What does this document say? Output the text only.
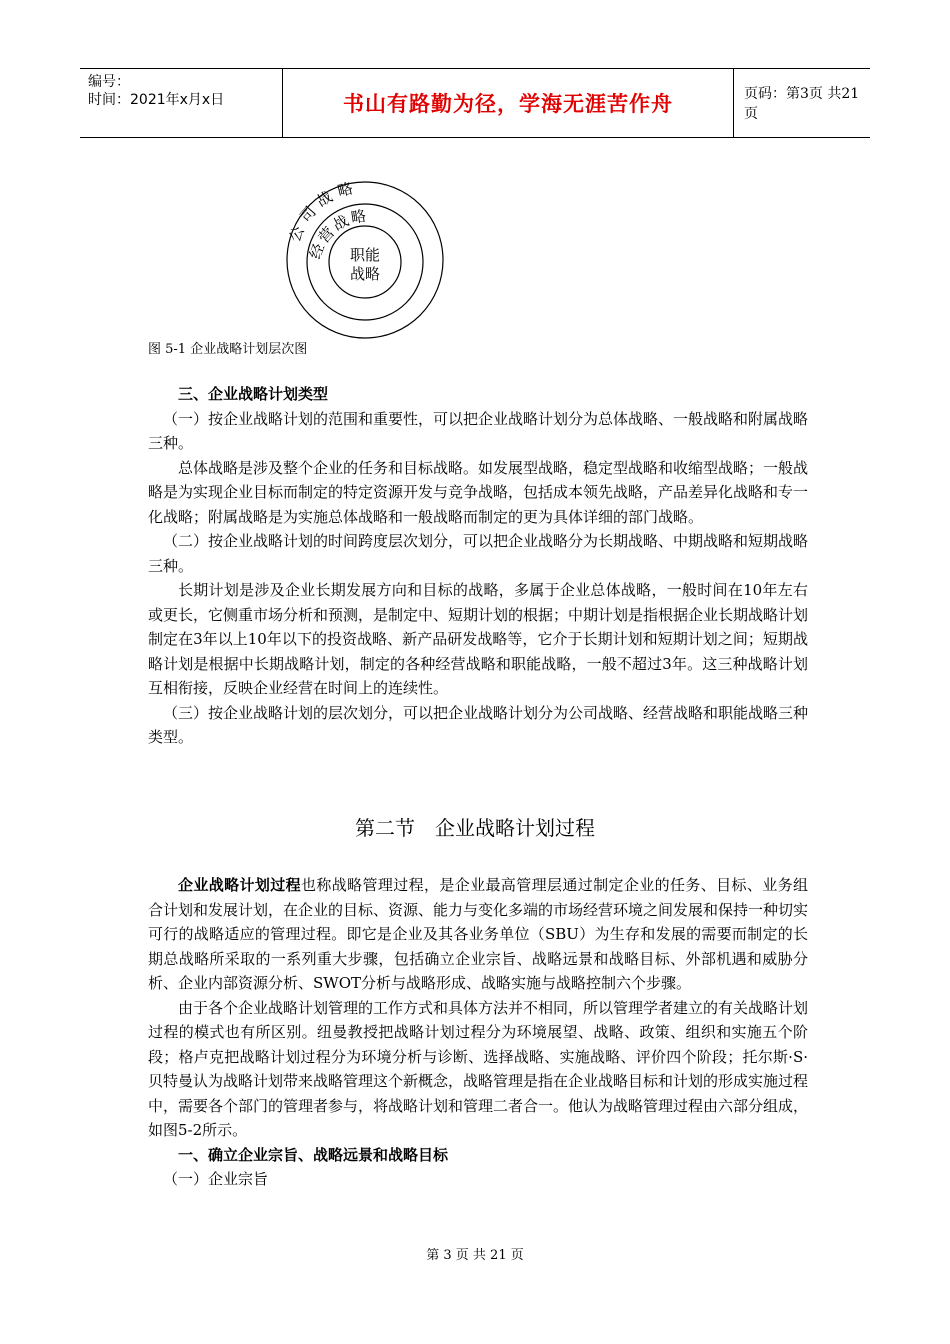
编号：
时间：2021年x月x日	书山有路勤为径，学海无涯苦作舟	页码：第3页 共21页
公司战略
经营战略
职能
战略
图 5-1 企业战略计划层次图

三、企业战略计划类型

（一）按企业战略计划的范围和重要性，可以把企业战略计划分为总体战略、一般战略和附属战略三种。

总体战略是涉及整个企业的任务和目标战略。如发展型战略，稳定型战略和收缩型战略；一般战略是为实现企业目标而制定的特定资源开发与竞争战略，包括成本领先战略，产品差异化战略和专一化战略；附属战略是为实施总体战略和一般战略而制定的更为具体详细的部门战略。

（二）按企业战略计划的时间跨度层次划分，可以把企业战略分为长期战略、中期战略和短期战略三种。

长期计划是涉及企业长期发展方向和目标的战略，多属于企业总体战略，一般时间在10年左右或更长，它侧重市场分析和预测，是制定中、短期计划的根据；中期计划是指根据企业长期战略计划制定在3年以上10年以下的投资战略、新产品研发战略等，它介于长期计划和短期计划之间；短期战略计划是根据中长期战略计划，制定的各种经营战略和职能战略，一般不超过3年。这三种战略计划互相衔接，反映企业经营在时间上的连续性。

（三）按企业战略计划的层次划分，可以把企业战略计划分为公司战略、经营战略和职能战略三种类型。

第二节　企业战略计划过程

企业战略计划过程也称战略管理过程，是企业最高管理层通过制定企业的任务、目标、业务组合计划和发展计划，在企业的目标、资源、能力与变化多端的市场经营环境之间发展和保持一种切实可行的战略适应的管理过程。即它是企业及其各业务单位（SBU）为生存和发展的需要而制定的长期总战略所采取的一系列重大步骤，包括确立企业宗旨、战略远景和战略目标、外部机遇和威胁分析、企业内部资源分析、SWOT分析与战略形成、战略实施与战略控制六个步骤。

由于各个企业战略计划管理的工作方式和具体方法并不相同，所以管理学者建立的有关战略计划过程的模式也有所区别。纽曼教授把战略计划过程分为环境展望、战略、政策、组织和实施五个阶段；格卢克把战略计划过程分为环境分析与诊断、选择战略、实施战略、评价四个阶段；托尔斯·S·贝特曼认为战略计划带来战略管理这个新概念，战略管理是指在企业战略目标和计划的形成实施过程中，需要各个部门的管理者参与，将战略计划和管理二者合一。他认为战略管理过程由六部分组成，如图5-2所示。

一、确立企业宗旨、战略远景和战略目标

（一）企业宗旨

第 3 页 共 21 页
